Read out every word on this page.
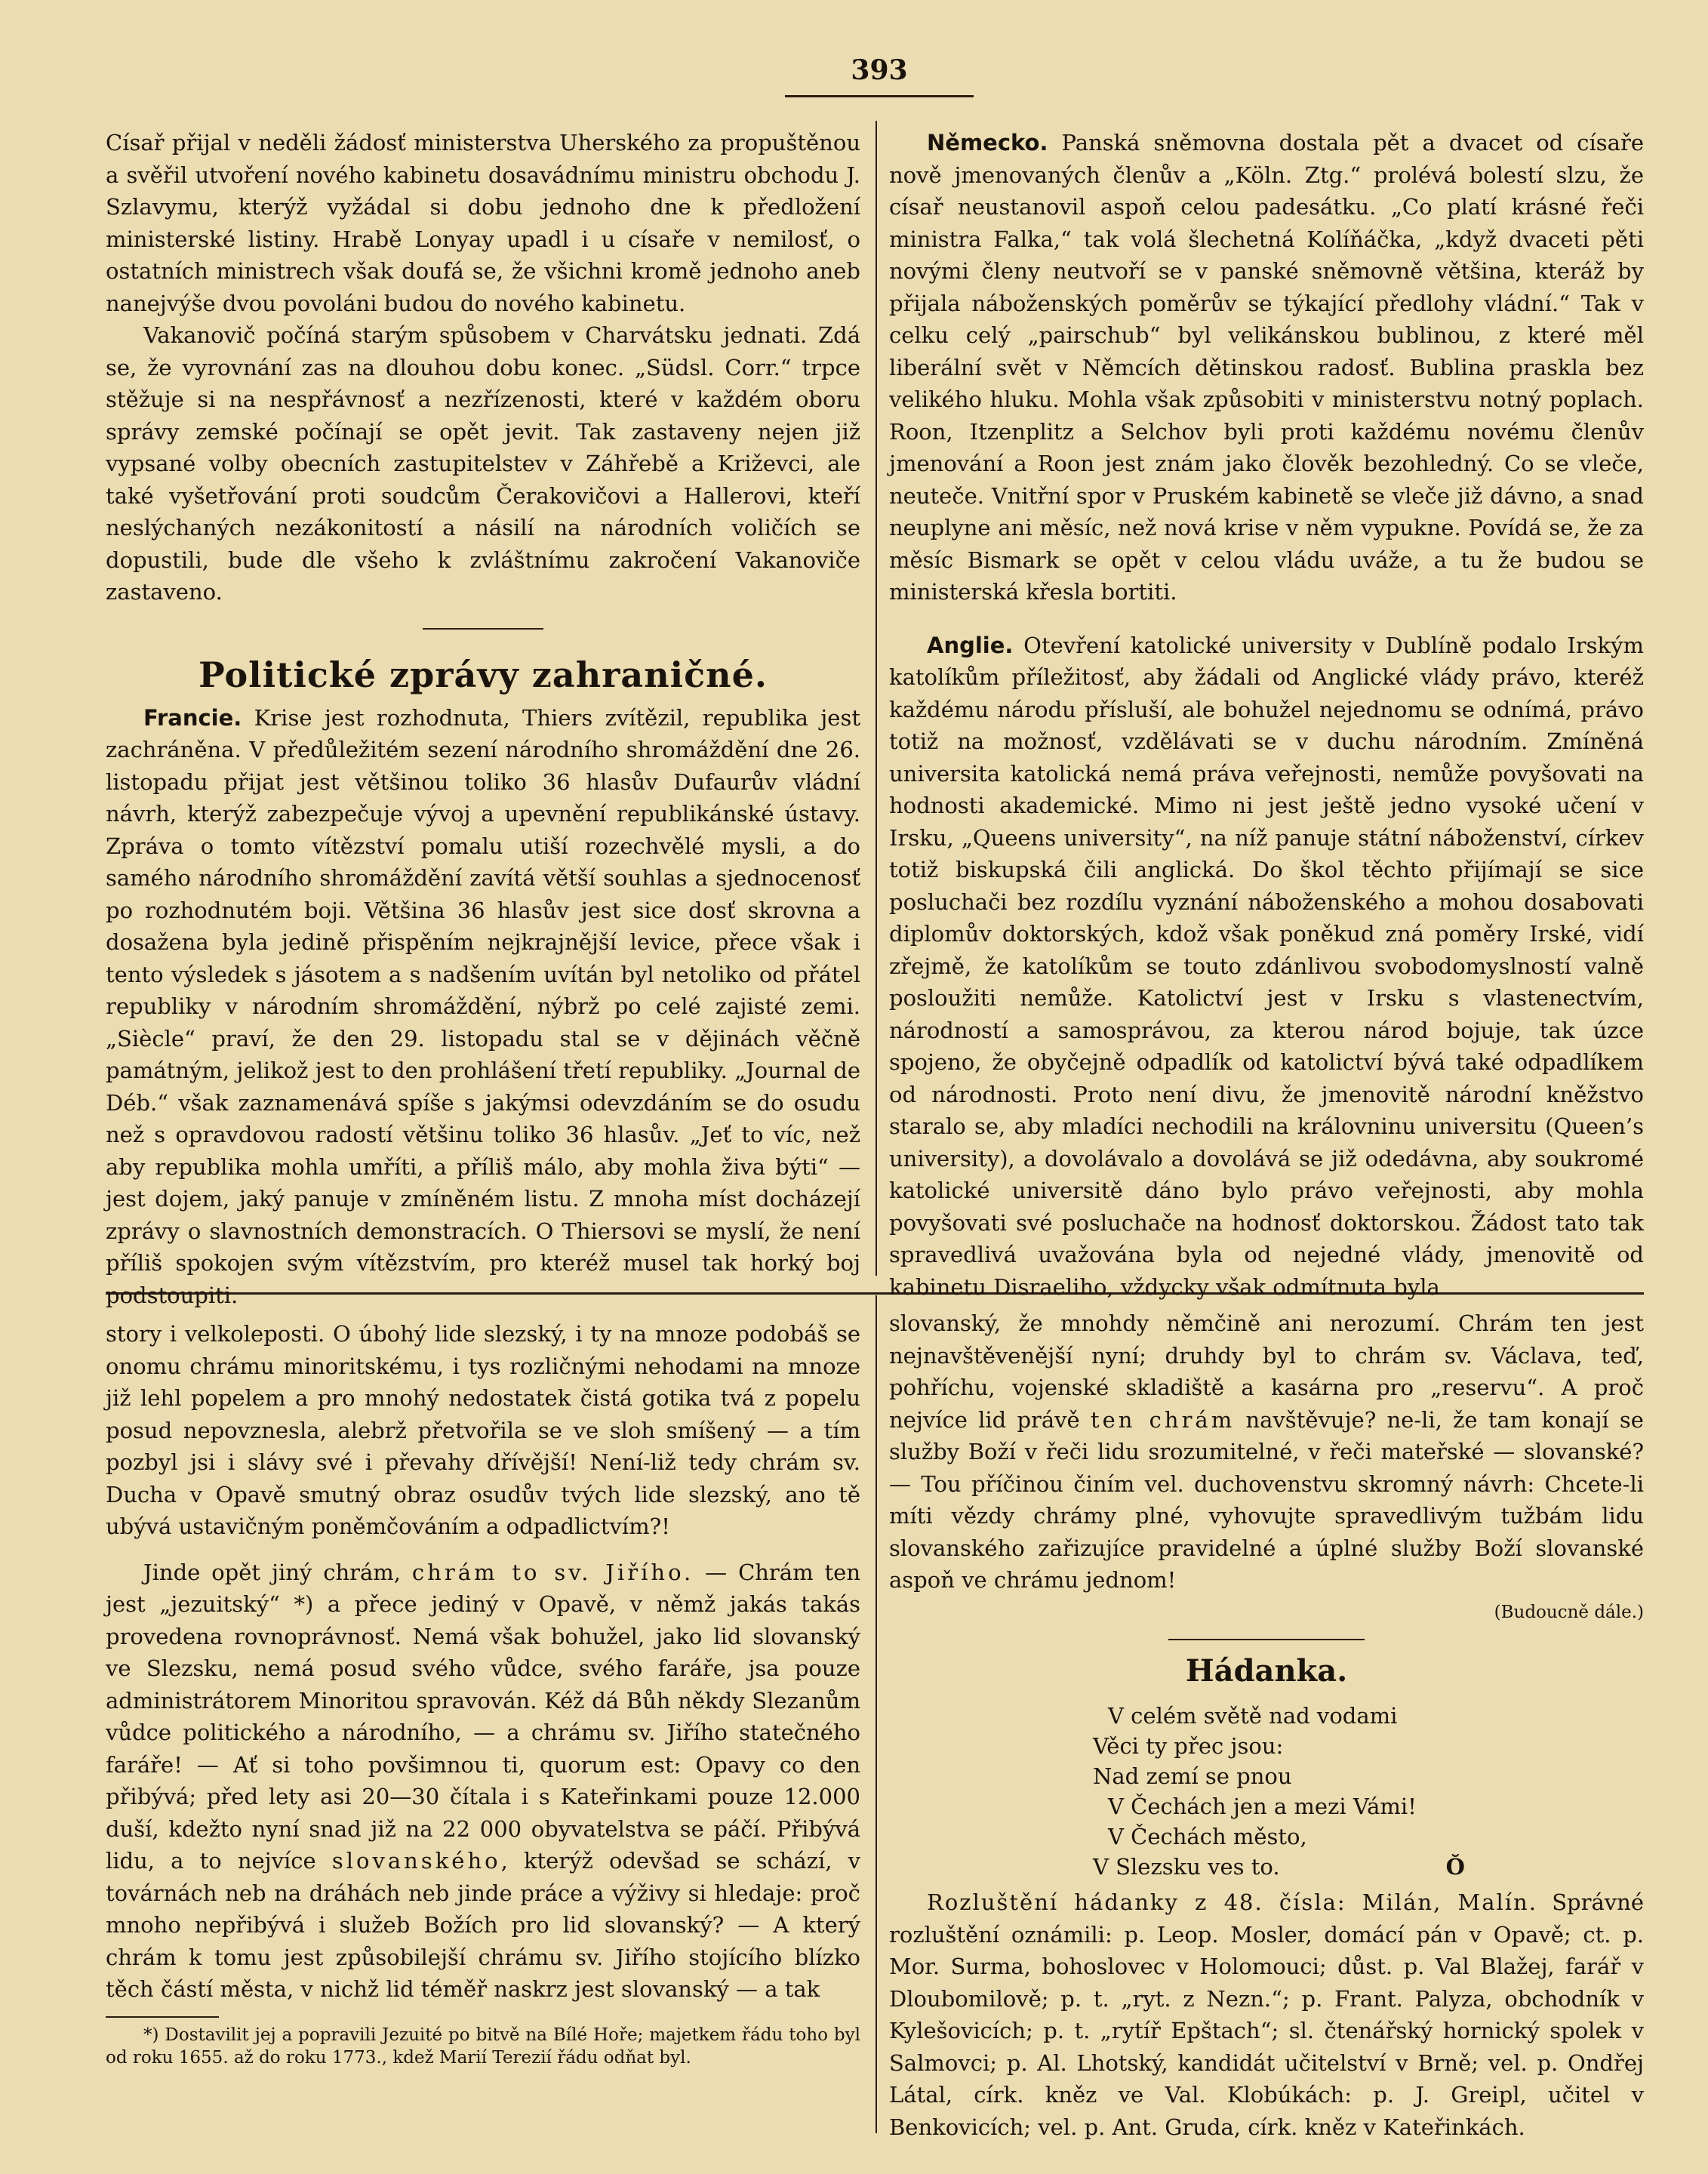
393

Císař přijal v neděli žádosť ministerstva Uherského za propuštěnou a svěřil utvoření nového kabinetu dosavádnímu ministru obchodu J. Szlavymu, kterýž vyžádal si dobu jednoho dne k předložení ministerské listiny. Hrabě Lonyay upadl i u císaře v nemilosť, o ostatních ministrech však doufá se, že všichni kromě jednoho aneb nanejvýše dvou povoláni budou do nového kabinetu.

Vakanovič počíná starým spůsobem v Charvátsku jednati. Zdá se, že vyrovnání zas na dlouhou dobu konec. „Südsl. Corr.“ trpce stěžuje si na nespřávnosť a nezřízenosti, které v každém oboru správy zemské počínají se opět jevit. Tak zastaveny nejen již vypsané volby obecních zastupitelstev v Záhřebě a Križevci, ale také vyšetřování proti soudcům Čerakovičovi a Hallerovi, kteří neslýchaných nezákonitostí a násilí na národních voličích se dopustili, bude dle všeho k zvláštnímu zakročení Vakanoviče zastaveno.

Politické zprávy zahraničné.

Francie. Krise jest rozhodnuta, Thiers zvítězil, republika jest zachráněna. V předůležitém sezení národního shromáždění dne 26. listopadu přijat jest většinou toliko 36 hlasův Dufaurův vládní návrh, kterýž zabezpečuje vývoj a upevnění republikánské ústavy. Zpráva o tomto vítězství pomalu utiší rozechvělé mysli, a do samého národního shromáždění zavítá větší souhlas a sjednocenosť po rozhodnutém boji. Většina 36 hlasův jest sice dosť skrovna a dosažena byla jedině přispěním nejkrajnější levice, přece však i tento výsledek s jásotem a s nadšením uvítán byl netoliko od přátel republiky v národním shromáždění, nýbrž po celé zajisté zemi. „Siècle“ praví, že den 29. listopadu stal se v dějinách věčně památným, jelikož jest to den prohlášení třetí republiky. „Journal de Déb.“ však zaznamenává spíše s jakýmsi odevzdáním se do osudu než s opravdovou radostí většinu toliko 36 hlasův. „Jeť to víc, než aby republika mohla umříti, a příliš málo, aby mohla živa býti“ — jest dojem, jaký panuje v zmíněném listu. Z mnoha míst docházejí zprávy o slavnostních demonstracích. O Thiersovi se myslí, že není příliš spokojen svým vítězstvím, pro kteréž musel tak horký boj podstoupiti.

Německo. Panská sněmovna dostala pět a dvacet od císaře nově jmenovaných členův a „Köln. Ztg.“ prolévá bolestí slzu, že císař neustanovil aspoň celou padesátku. „Co platí krásné řeči ministra Falka,“ tak volá šlechetná Kolíňáčka, „když dvaceti pěti novými členy neutvoří se v panské sněmovně většina, kteráž by přijala náboženských poměrův se týkající předlohy vládní.“ Tak v celku celý „pairschub“ byl velikánskou bublinou, z které měl liberální svět v Němcích dětinskou radosť. Bublina praskla bez velikého hluku. Mohla však způsobiti v ministerstvu notný poplach. Roon, Itzenplitz a Selchov byli proti každému novému členův jmenování a Roon jest znám jako člověk bezohledný. Co se vleče, neuteče. Vnitřní spor v Pruském kabinetě se vleče již dávno, a snad neuplyne ani měsíc, než nová krise v něm vypukne. Povídá se, že za měsíc Bismark se opět v celou vládu uváže, a tu že budou se ministerská křesla bortiti.

Anglie. Otevření katolické university v Dublíně podalo Irským katolíkům příležitosť, aby žádali od Anglické vlády právo, kteréž každému národu přísluší, ale bohužel nejednomu se odnímá, právo totiž na možnosť, vzdělávati se v duchu národním. Zmíněná universita katolická nemá práva veřejnosti, nemůže povyšovati na hodnosti akademické. Mimo ni jest ještě jedno vysoké učení v Irsku, „Queens university“, na níž panuje státní náboženství, církev totiž biskupská čili anglická. Do škol těchto přijímají se sice posluchači bez rozdílu vyznání náboženského a mohou dosabovati diplomův doktorských, kdož však poněkud zná poměry Irské, vidí zřejmě, že katolíkům se touto zdánlivou svobodomyslností valně posloužiti nemůže. Katolictví jest v Irsku s vlastenectvím, národností a samosprávou, za kterou národ bojuje, tak úzce spojeno, že obyčejně odpadlík od katolictví bývá také odpadlíkem od národnosti. Proto není divu, že jmenovitě národní kněžstvo staralo se, aby mladíci nechodili na královninu universitu (Queen’s university), a dovolávalo a dovolává se již odedávna, aby soukromé katolické universitě dáno bylo právo veřejnosti, aby mohla povyšovati své posluchače na hodnosť doktorskou. Žádost tato tak spravedlivá uvažována byla od nejedné vlády, jmenovitě od kabinetu Disraeliho, vždycky však odmítnuta byla

story i velkoleposti. O úbohý lide slezský, i ty na mnoze podobáš se onomu chrámu minoritskému, i tys rozličnými nehodami na mnoze již lehl popelem a pro mnohý nedostatek čistá gotika tvá z popelu posud nepovznesla, alebrž přetvořila se ve sloh smíšený — a tím pozbyl jsi i slávy své i převahy dřívější! Není-liž tedy chrám sv. Ducha v Opavě smutný obraz osudův tvých lide slezský, ano tě ubývá ustavičným poněmčováním a odpadlictvím?!

Jinde opět jiný chrám, chrám to sv. Jiřího. — Chrám ten jest „jezuitský“ *) a přece jediný v Opavě, v němž jakás takás provedena rovnoprávnosť. Nemá však bohužel, jako lid slovanský ve Slezsku, nemá posud svého vůdce, svého faráře, jsa pouze administrátorem Minoritou spravován. Kéž dá Bůh někdy Slezanům vůdce politického a národního, — a chrámu sv. Jiřího statečného faráře! — Ať si toho povšimnou ti, quorum est: Opavy co den přibývá; před lety asi 20—30 čítala i s Kateřinkami pouze 12.000 duší, kdežto nyní snad již na 22 000 obyvatelstva se páčí. Přibývá lidu, a to nejvíce slovanského, kterýž odevšad se schází, v továrnách neb na dráhách neb jinde práce a výživy si hledaje: proč mnoho nepřibývá i služeb Božích pro lid slovanský? — A který chrám k tomu jest způsobilejší chrámu sv. Jiřího stojícího blízko těch částí města, v nichž lid téměř naskrz jest slovanský — a tak

*) Dostavilit jej a popravili Jezuité po bitvě na Bílé Hoře; majetkem řádu toho byl od roku 1655. až do roku 1773., kdež Marií Terezií řádu odňat byl.

slovanský, že mnohdy němčině ani nerozumí. Chrám ten jest nejnavštěvenější nyní; druhdy byl to chrám sv. Václava, teď, pohříchu, vojenské skladiště a kasárna pro „reservu“. A proč nejvíce lid právě ten chrám navštěvuje? ne-li, že tam konají se služby Boží v řeči lidu srozumitelné, v řeči mateřské — slovanské? — Tou příčinou činím vel. duchovenstvu skromný návrh: Chcete-li míti vězdy chrámy plné, vyhovujte spravedlivým tužbám lidu slovanského zařizujíce pravidelné a úplné služby Boží slovanské aspoň ve chrámu jednom!

(Budoucně dále.)
Hádanka.
V celém světě nad vodami
Věci ty přec jsou:
Nad zemí se pnou
V Čechách jen a mezi Vámi!
V Čechách město,
V Slezsku ves to.	Ŏ

Rozluštění hádanky z 48. čísla: Milán, Malín. Správné rozluštění oznámili: p. Leop. Mosler, domácí pán v Opavě; ct. p. Mor. Surma, bohoslovec v Holomouci; důst. p. Val Blažej, farář v Dloubomilově; p. t. „ryt. z Nezn.“; p. Frant. Palyza, obchodník v Kylešovicích; p. t. „rytíř Epštach“; sl. čtenářský hornický spolek v Salmovci; p. Al. Lhotský, kandidát učitelství v Brně; vel. p. Ondřej Látal, círk. kněz ve Val. Klobúkách: p. J. Greipl, učitel v Benkovicích; vel. p. Ant. Gruda, círk. kněz v Kateřinkách.
